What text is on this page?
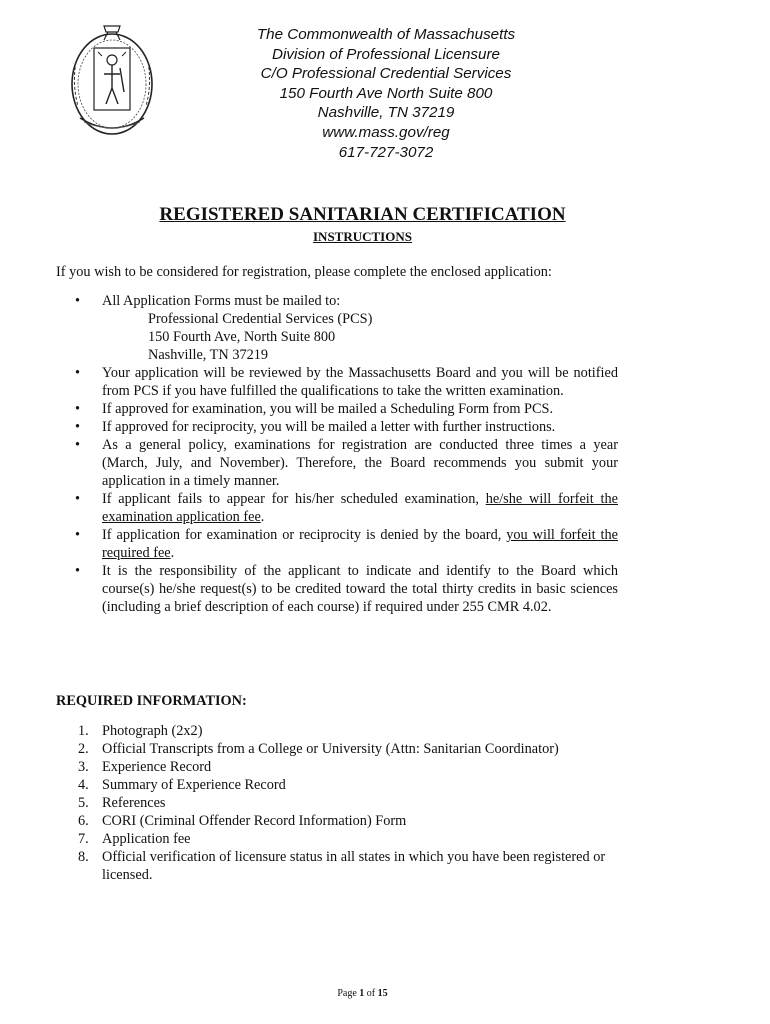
The Commonwealth of Massachusetts
Division of Professional Licensure
C/O Professional Credential Services
150 Fourth Ave North Suite 800
Nashville, TN 37219
www.mass.gov/reg
617-727-3072
REGISTERED SANITARIAN CERTIFICATION
INSTRUCTIONS
If you wish to be considered for registration, please complete the enclosed application:
• All Application Forms must be mailed to:
Professional Credential Services (PCS)
150 Fourth Ave, North Suite 800
Nashville, TN 37219
• Your application will be reviewed by the Massachusetts Board and you will be notified from PCS if you have fulfilled the qualifications to take the written examination.
• If approved for examination, you will be mailed a Scheduling Form from PCS.
• If approved for reciprocity, you will be mailed a letter with further instructions.
• As a general policy, examinations for registration are conducted three times a year (March, July, and November). Therefore, the Board recommends you submit your application in a timely manner.
• If applicant fails to appear for his/her scheduled examination, he/she will forfeit the examination application fee.
• If application for examination or reciprocity is denied by the board, you will forfeit the required fee.
• It is the responsibility of the applicant to indicate and identify to the Board which course(s) he/she request(s) to be credited toward the total thirty credits in basic sciences (including a brief description of each course) if required under 255 CMR 4.02.
REQUIRED INFORMATION:
1. Photograph (2x2)
2. Official Transcripts from a College or University (Attn: Sanitarian Coordinator)
3. Experience Record
4. Summary of Experience Record
5. References
6. CORI (Criminal Offender Record Information) Form
7. Application fee
8. Official verification of licensure status in all states in which you have been registered or licensed.
Page 1 of 15
